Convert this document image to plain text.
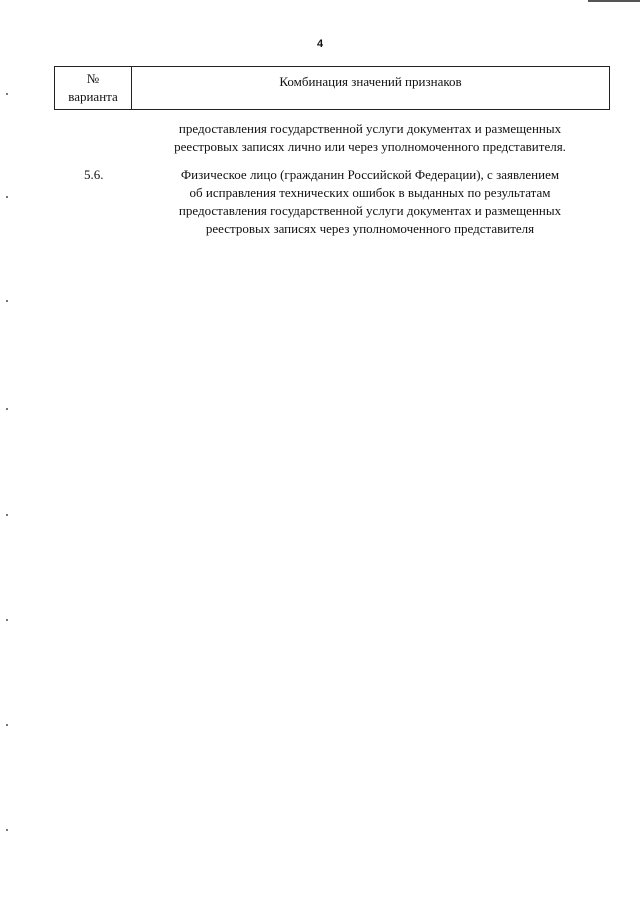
4
№
варианта
Комбинация значений признаков
предоставления государственной услуги документах и размещенных
реестровых записях лично или через уполномоченного представителя.
5.6.	Физическое лицо (гражданин Российской Федерации), с заявлением
об исправления технических ошибок в выданных по результатам
предоставления государственной услуги документах и размещенных
реестровых записях через уполномоченного представителя
